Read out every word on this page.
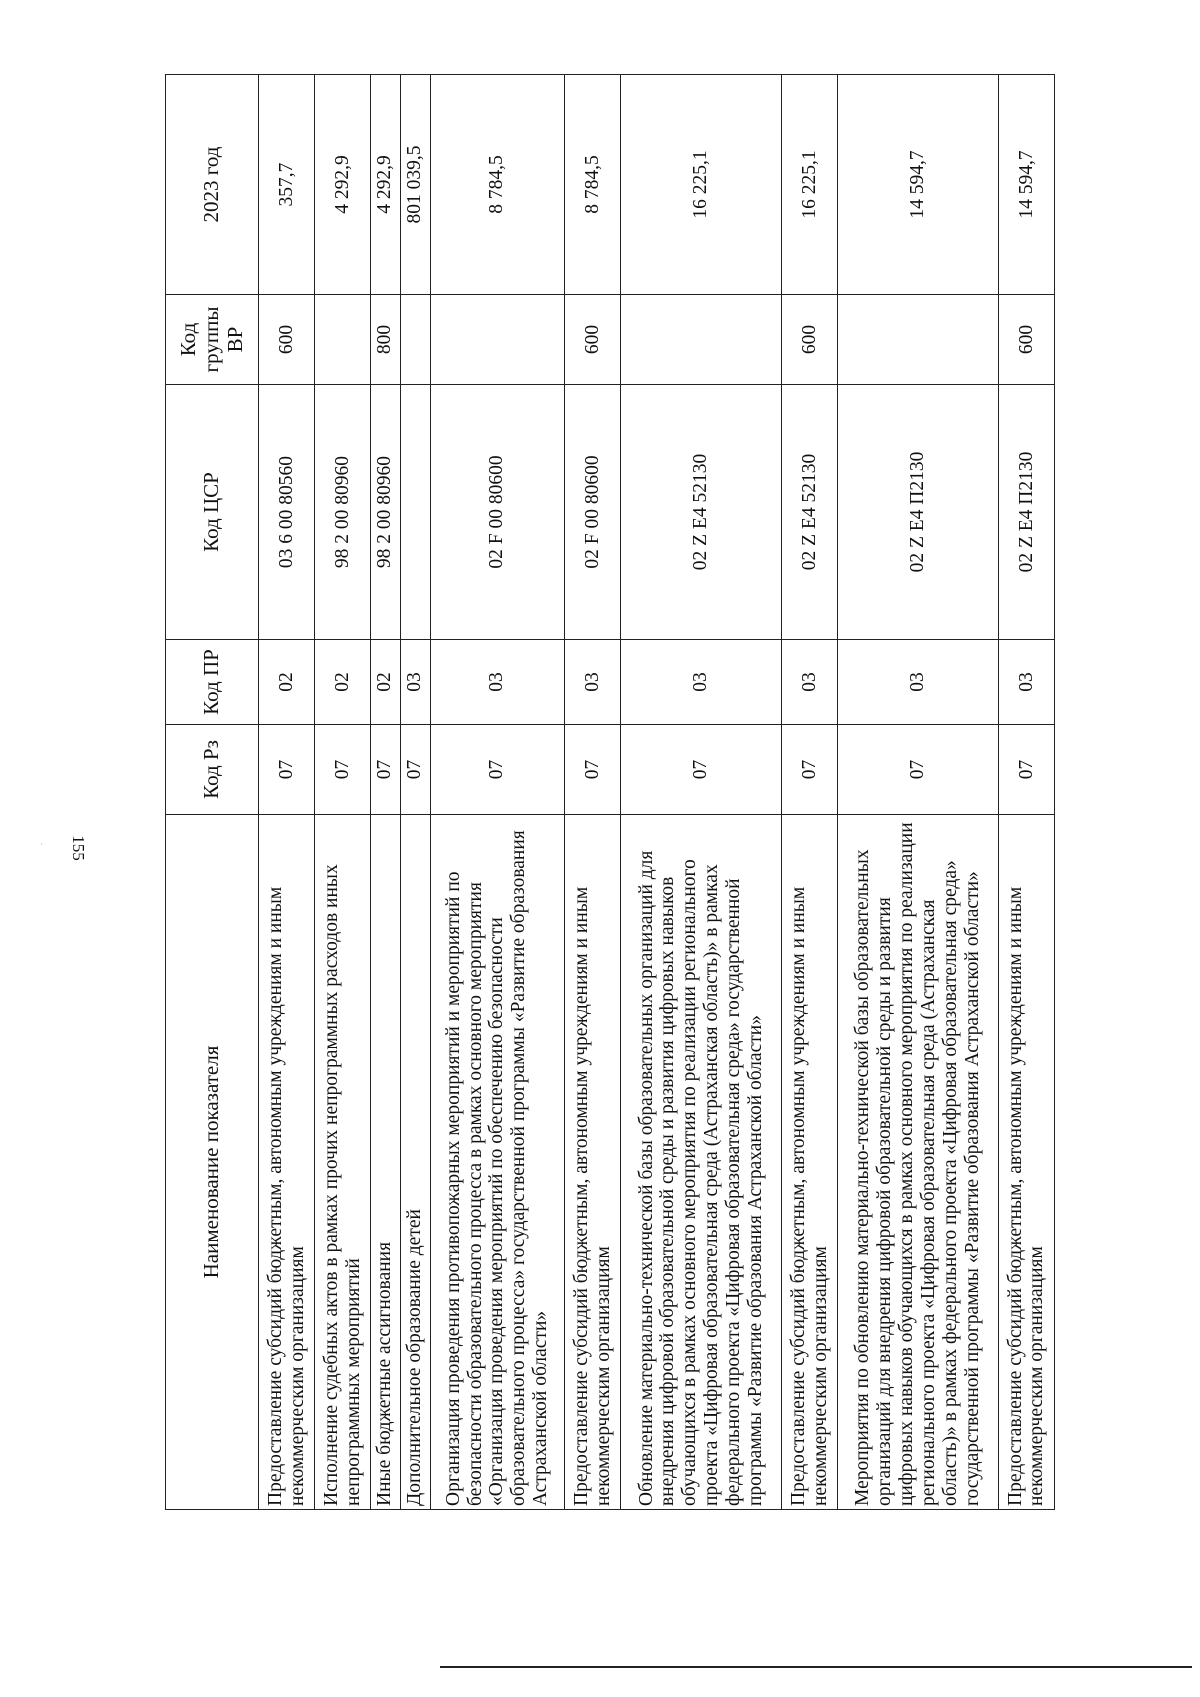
·	155
Наименование показателя	Код Рз	Код ПР	Код ЦСР	Код группы ВР	2023 год
Предоставление субсидий бюджетным, автономным учреждениям и иным некоммерческим организациям	07	02	03 6 00 80560	600	357,7
Исполнение судебных актов в рамках прочих непрограммных расходов иных непрограммных мероприятий	07	02	98 2 00 80960		4 292,9
Иные бюджетные ассигнования	07	02	98 2 00 80960	800	4 292,9
Дополнительное образование детей	07	03			801 039,5
Организация проведения противопожарных мероприятий и мероприятий по безопасности образовательного процесса в рамках основного мероприятия «Организация проведения мероприятий по обеспечению безопасности образовательного процесса» государственной программы «Развитие образования Астраханской области»	07	03	02 F 00 80600		8 784,5
Предоставление субсидий бюджетным, автономным учреждениям и иным некоммерческим организациям	07	03	02 F 00 80600	600	8 784,5
Обновление материально-технической базы образовательных организаций для внедрения цифровой образовательной среды и развития цифровых навыков обучающихся в рамках основного мероприятия по реализации регионального проекта «Цифровая образовательная среда (Астраханская область)» в рамках федерального проекта «Цифровая образовательная среда» государственной программы «Развитие образования Астраханской области»	07	03	02 Z E4 52130		16 225,1
Предоставление субсидий бюджетным, автономным учреждениям и иным некоммерческим организациям	07	03	02 Z E4 52130	600	16 225,1
Мероприятия по обновлению материально-технической базы образовательных организаций для внедрения цифровой образовательной среды и развития цифровых навыков обучающихся в рамках основного мероприятия по реализации регионального проекта «Цифровая образовательная среда (Астраханская область)» в рамках федерального проекта «Цифровая образовательная среда» государственной программы «Развитие образования Астраханской области»	07	03	02 Z E4 П2130		14 594,7
Предоставление субсидий бюджетным, автономным учреждениям и иным некоммерческим организациям	07	03	02 Z E4 П2130	600	14 594,7
